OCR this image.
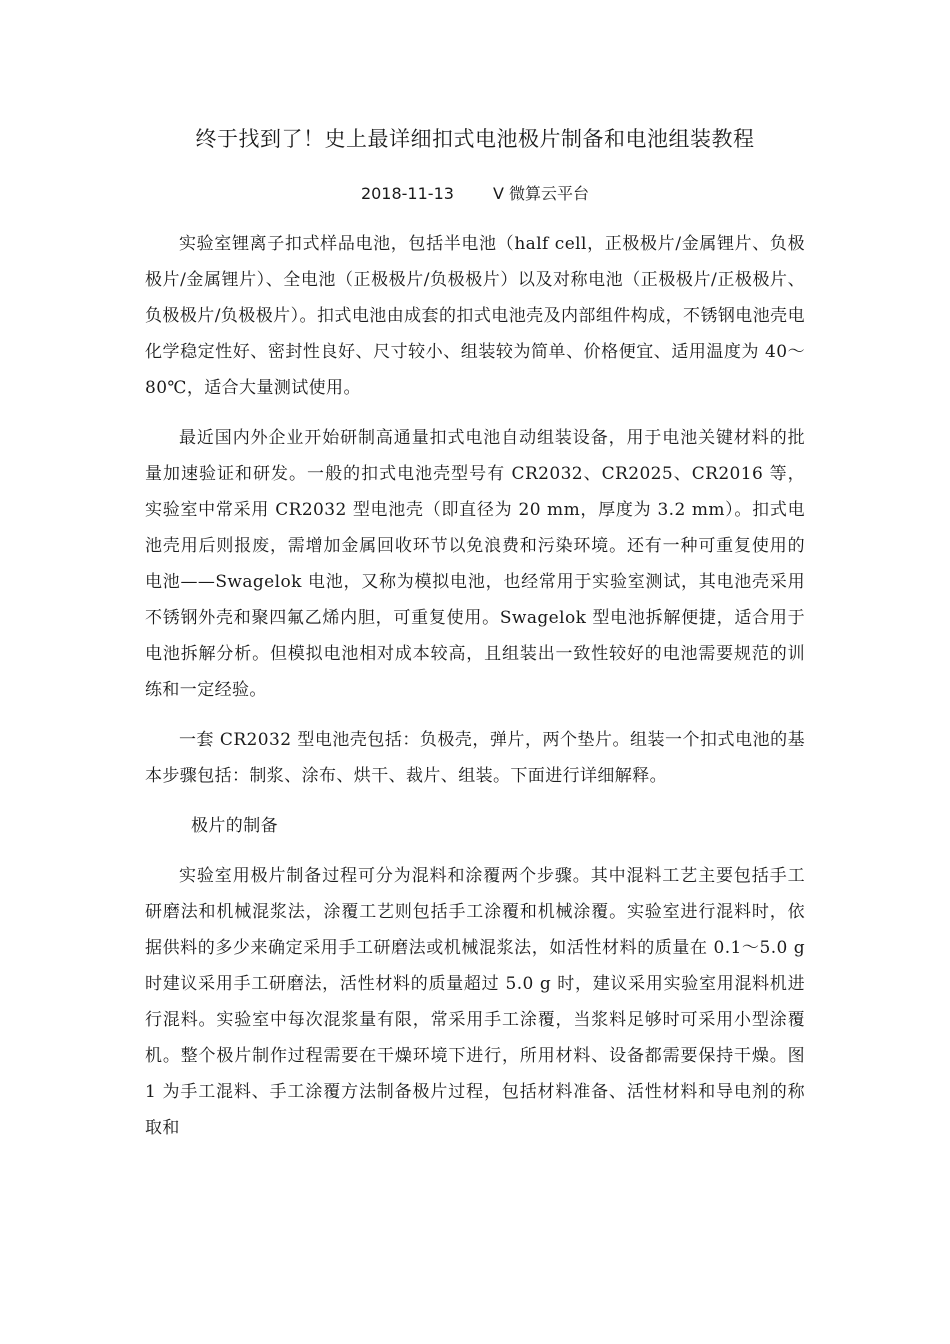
终于找到了！史上最详细扣式电池极片制备和电池组装教程
2018-11-13 V 微算云平台

实验室锂离子扣式样品电池，包括半电池（half cell，正极极片/金属锂片、负极极片/金属锂片）、全电池（正极极片/负极极片）以及对称电池（正极极片/正极极片、负极极片/负极极片）。扣式电池由成套的扣式电池壳及内部组件构成，不锈钢电池壳电化学稳定性好、密封性良好、尺寸较小、组装较为简单、价格便宜、适用温度为 40～80℃，适合大量测试使用。

最近国内外企业开始研制高通量扣式电池自动组装设备，用于电池关键材料的批量加速验证和研发。一般的扣式电池壳型号有 CR2032、CR2025、CR2016 等，实验室中常采用 CR2032 型电池壳（即直径为 20 mm，厚度为 3.2 mm）。扣式电池壳用后则报废，需增加金属回收环节以免浪费和污染环境。还有一种可重复使用的电池——Swagelok 电池，又称为模拟电池，也经常用于实验室测试，其电池壳采用不锈钢外壳和聚四氟乙烯内胆，可重复使用。Swagelok 型电池拆解便捷，适合用于电池拆解分析。但模拟电池相对成本较高，且组装出一致性较好的电池需要规范的训练和一定经验。

一套 CR2032 型电池壳包括：负极壳，弹片，两个垫片。组装一个扣式电池的基本步骤包括：制浆、涂布、烘干、裁片、组装。下面进行详细解释。

极片的制备

实验室用极片制备过程可分为混料和涂覆两个步骤。其中混料工艺主要包括手工研磨法和机械混浆法，涂覆工艺则包括手工涂覆和机械涂覆。实验室进行混料时，依据供料的多少来确定采用手工研磨法或机械混浆法，如活性材料的质量在 0.1～5.0 g 时建议采用手工研磨法，活性材料的质量超过 5.0 g 时，建议采用实验室用混料机进行混料。实验室中每次混浆量有限，常采用手工涂覆，当浆料足够时可采用小型涂覆机。整个极片制作过程需要在干燥环境下进行，所用材料、设备都需要保持干燥。图 1 为手工混料、手工涂覆方法制备极片过程，包括材料准备、活性材料和导电剂的称取和
